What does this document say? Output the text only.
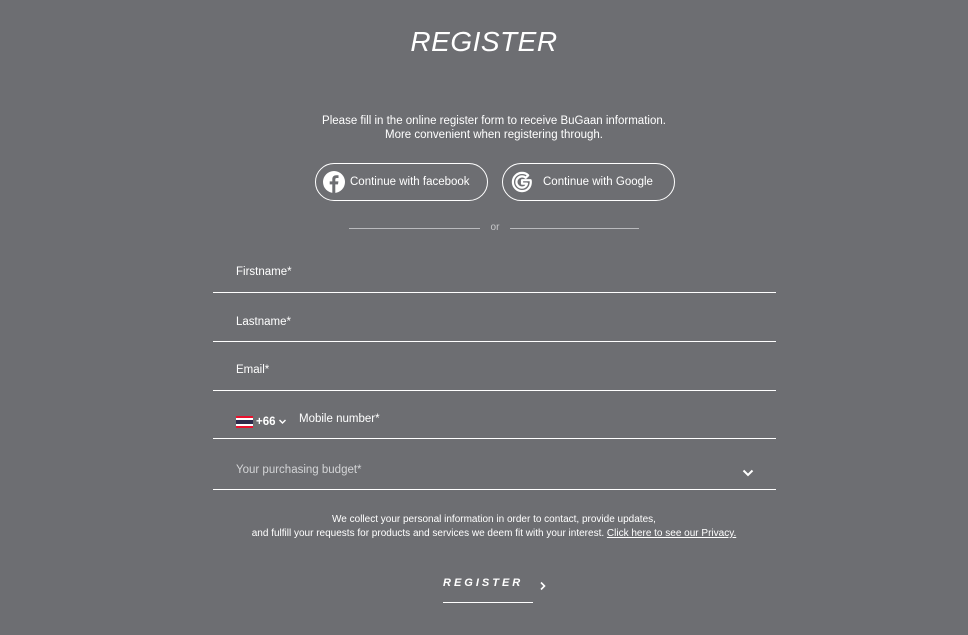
REGISTER
Please fill in the online register form to receive BuGaan information.
More convenient when registering through.
Continue with facebook	Continue with Google
or
Firstname*
Lastname*
Email*
+66 Mobile number*
Your purchasing budget*
We collect your personal information in order to contact, provide updates,
and fulfill your requests for products and services we deem fit with your interest. Click here to see our Privacy.
REGISTER
